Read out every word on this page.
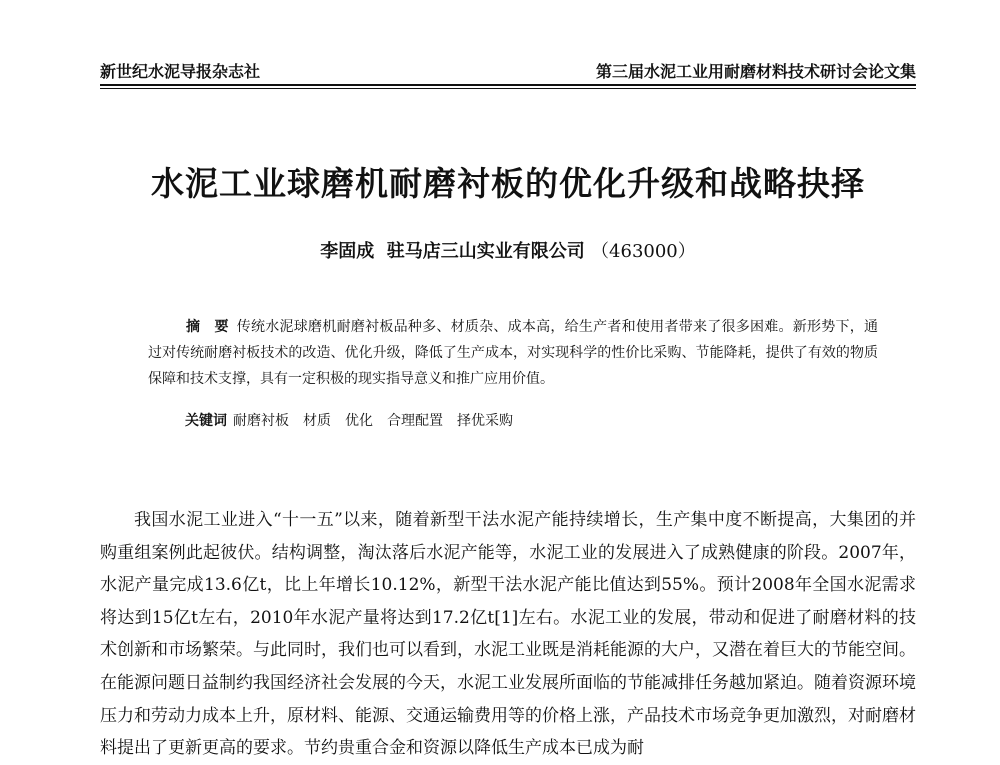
新世纪水泥导报杂志社	第三届水泥工业用耐磨材料技术研讨会论文集
水泥工业球磨机耐磨衬板的优化升级和战略抉择
李固成 驻马店三山实业有限公司 （463000）
摘　要 传统水泥球磨机耐磨衬板品种多、材质杂、成本高，给生产者和使用者带来了很多困难。新形势下，通过对传统耐磨衬板技术的改造、优化升级，降低了生产成本，对实现科学的性价比采购、节能降耗，提供了有效的物质保障和技术支撑，具有一定积极的现实指导意义和推广应用价值。
关键词 耐磨衬板　材质　优化　合理配置　择优采购

我国水泥工业进入“十一五”以来，随着新型干法水泥产能持续增长，生产集中度不断提高，大集团的并购重组案例此起彼伏。结构调整，淘汰落后水泥产能等，水泥工业的发展进入了成熟健康的阶段。2007年，水泥产量完成13.6亿t，比上年增长10.12%，新型干法水泥产能比值达到55%。预计2008年全国水泥需求将达到15亿t左右，2010年水泥产量将达到17.2亿t[1]左右。水泥工业的发展，带动和促进了耐磨材料的技术创新和市场繁荣。与此同时，我们也可以看到，水泥工业既是消耗能源的大户，又潜在着巨大的节能空间。在能源问题日益制约我国经济社会发展的今天，水泥工业发展所面临的节能减排任务越加紧迫。随着资源环境压力和劳动力成本上升，原材料、能源、交通运输费用等的价格上涨，产品技术市场竞争更加激烈，对耐磨材料提出了更新更高的要求。节约贵重合金和资源以降低生产成本已成为耐
